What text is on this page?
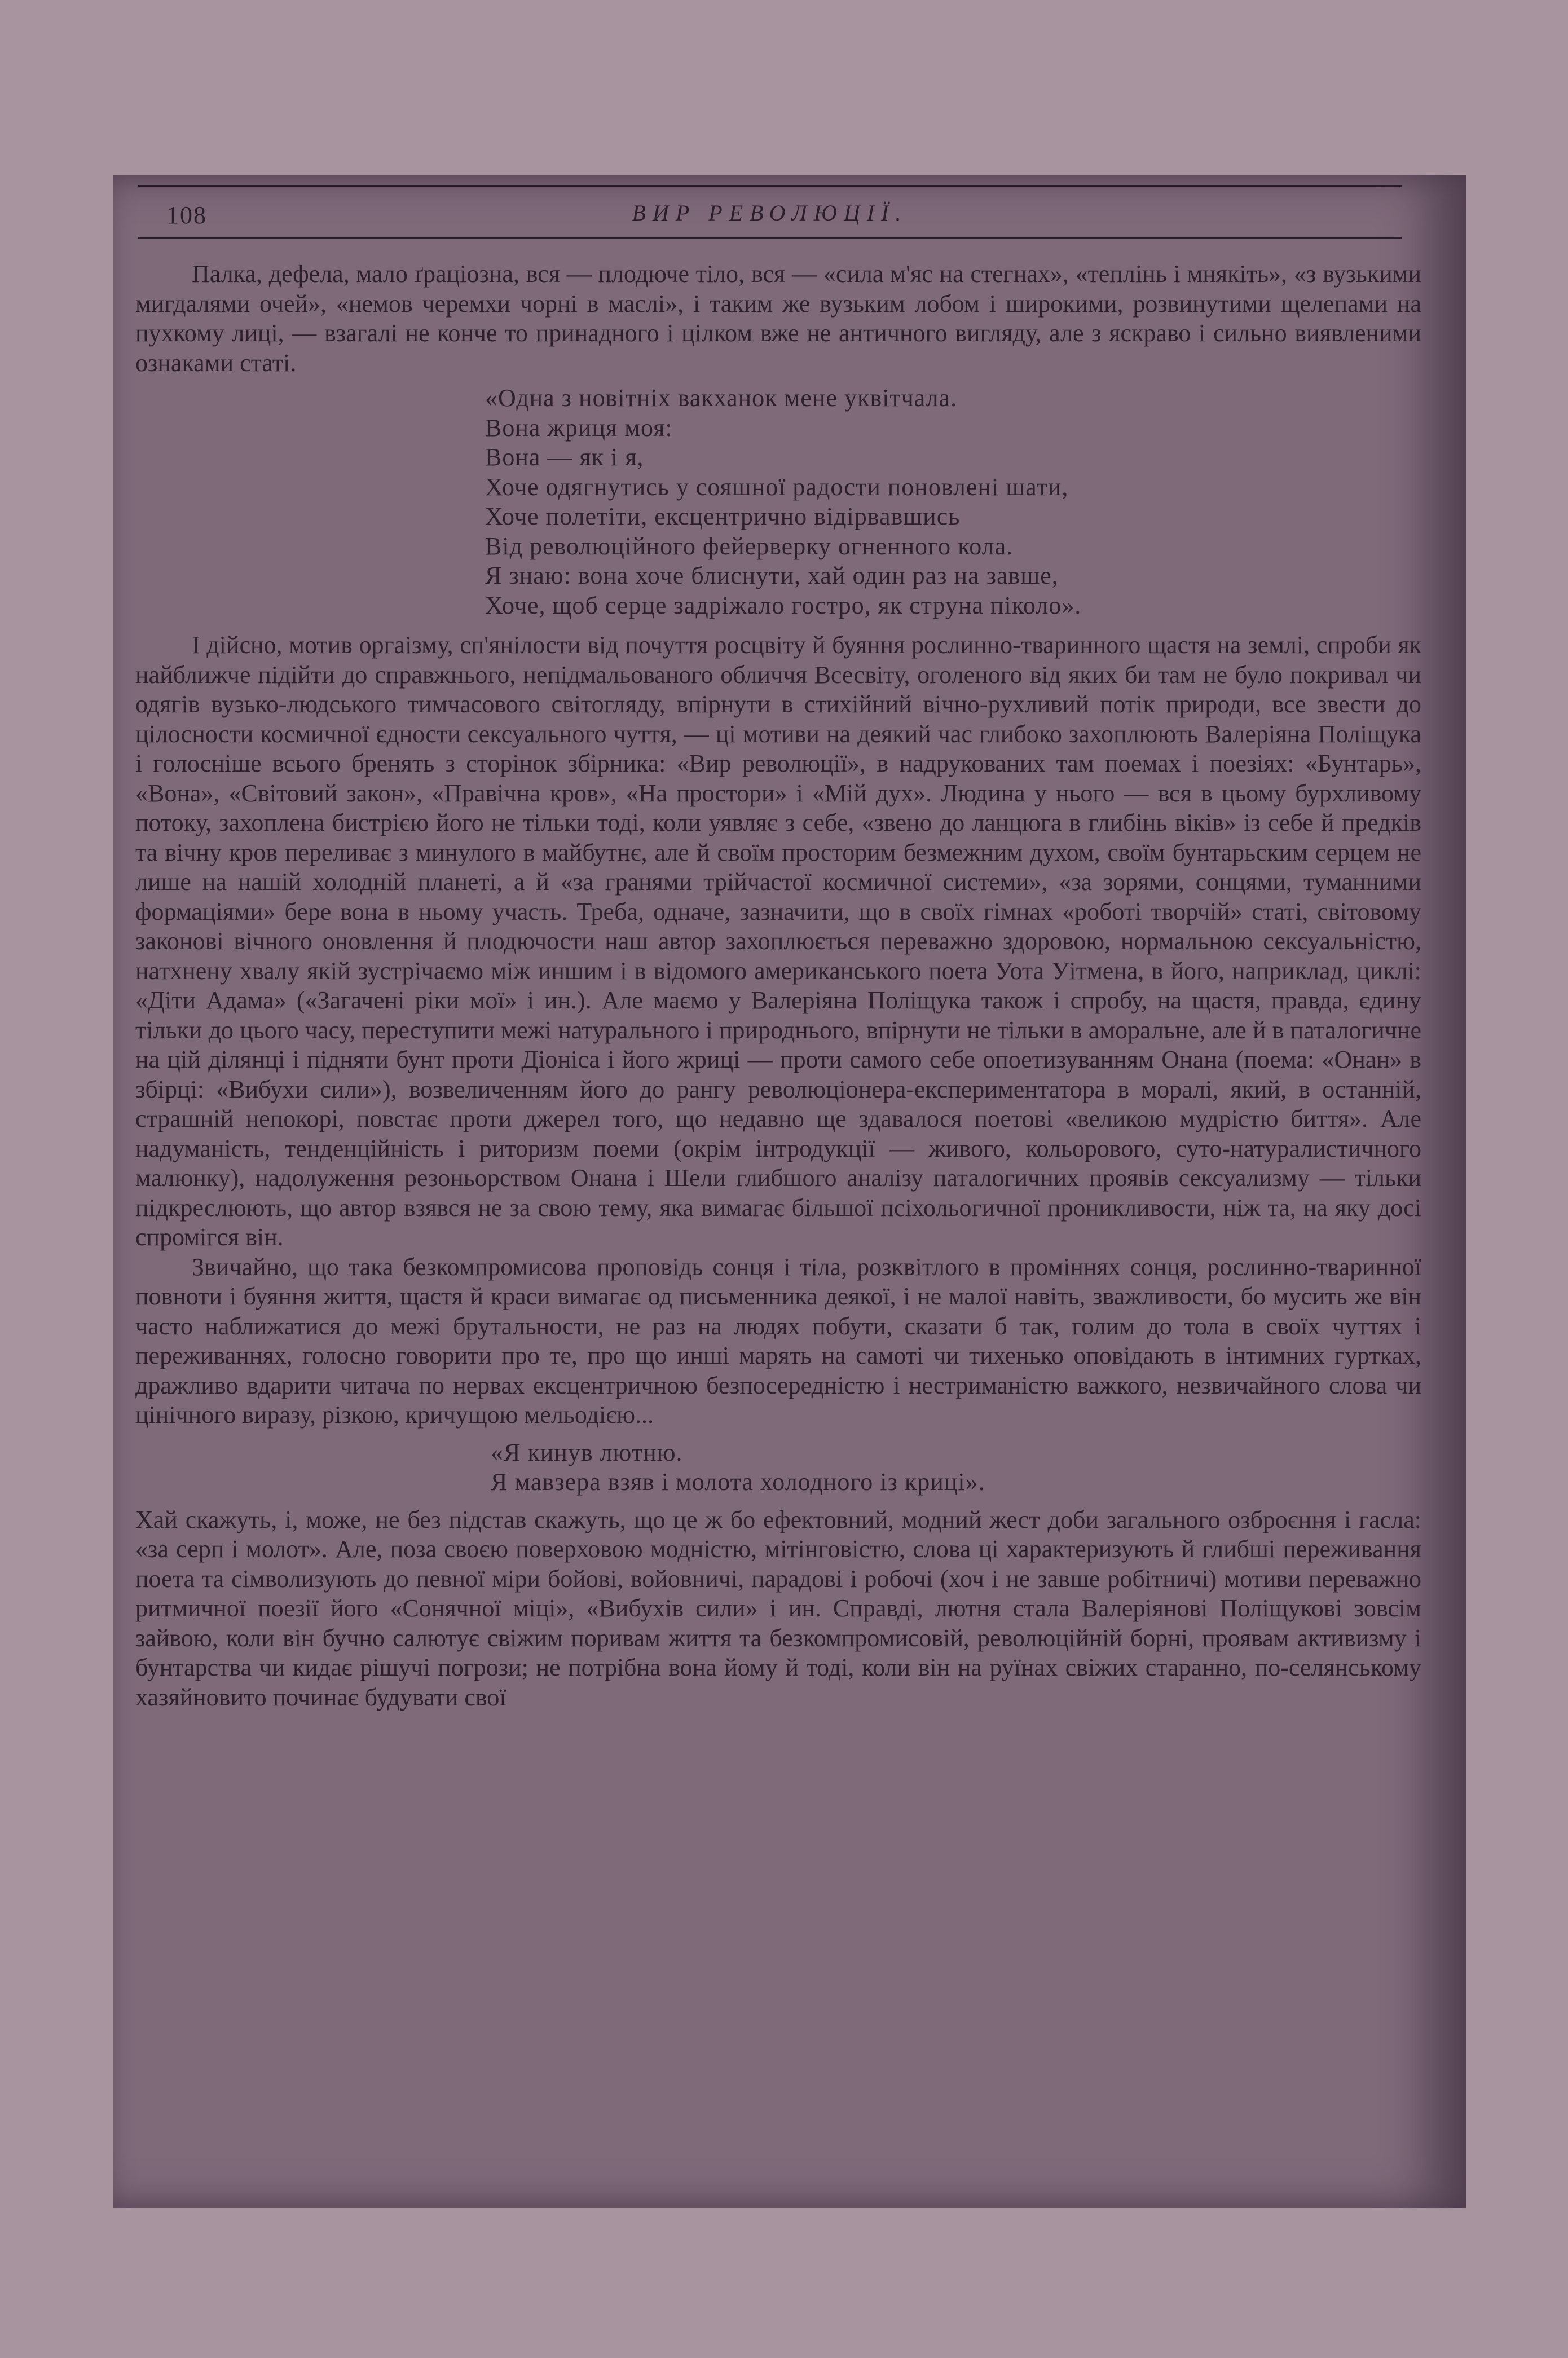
108	ВИР РЕВОЛЮЦІЇ.

Палка, дефела, мало ґраціозна, вся — плодюче тіло, вся — «сила м'яс на стегнах», «теплінь і мнякіть», «з вузькими мигдалями очей», «немов черемхи чорні в маслі», і таким же вузьким лобом і широкими, розвинутими щелепами на пухкому лиці, — взагалі не конче то принадного і цілком вже не античного вигляду, але з яскраво і сильно виявленими ознаками статі.

«Одна з новітніх вакханок мене уквітчала.
Вона жриця моя:
Вона — як і я,
Хоче одягнутись у сояшної радости поновлені шати,
Хоче полетіти, ексцентрично відірвавшись
Від революційного фейерверку огненного кола.
Я знаю: вона хоче блиснути, хай один раз на завше,
Хоче, щоб серце задріжало гостро, як струна піколо».

І дійсно, мотив оргаізму, сп'янілости від почуття росцвіту й буяння рослинно-тваринного щастя на землі, спроби як найближче підійти до справжнього, непідмальованого обличчя Всесвіту, оголеного від яких би там не було покривал чи одягів вузько-людського тимчасового світогляду, впірнути в стихійний вічно-рухливий потік природи, все звести до цілосности космичної єдности сексуального чуття, — ці мотиви на деякий час глибоко захоплюють Валеріяна Поліщука і голосніше всього бренять з сторінок збірника: «Вир революції», в надрукованих там поемах і поезіях: «Бунтарь», «Вона», «Світовий закон», «Правічна кров», «На простори» і «Мій дух». Людина у нього — вся в цьому бурхливому потоку, захоплена бистрією його не тільки тоді, коли уявляє з себе, «звено до ланцюга в глибінь віків» із себе й предків та вічну кров переливає з минулого в майбутнє, але й своїм просторим безмежним духом, своїм бунтарьским серцем не лише на нашій холодній планеті, а й «за гранями трійчастої космичної системи», «за зорями, сонцями, туманними формаціями» бере вона в ньому участь. Треба, одначе, зазначити, що в своїх гімнах «роботі творчій» статі, світовому законові вічного оновлення й плодючости наш автор захоплюється переважно здоровою, нормальною сексуальністю, натхнену хвалу якій зустрічаємо між иншим і в відомого американського поета Уота Уітмена, в його, наприклад, циклі: «Діти Адама» («Загачені ріки мої» і ин.). Але маємо у Валеріяна Поліщука також і спробу, на щастя, правда, єдину тільки до цього часу, переступити межі натурального і природнього, впірнути не тільки в аморальне, але й в паталогичне на цій ділянці і підняти бунт проти Діоніса і його жриці — проти самого себе опоетизуванням Онана (поема: «Онан» в збірці: «Вибухи сили»), возвеличенням його до рангу революціонера-експериментатора в моралі, який, в останній, страшній непокорі, повстає проти джерел того, що недавно ще здавалося поетові «великою мудрістю биття». Але надуманість, тенденційність і риторизм поеми (окрім інтродукції — живого, кольорового, суто-натуралистичного малюнку), надолуження резоньорством Онана і Шели глибшого аналізу паталогичних проявів сексуализму — тільки підкреслюють, що автор взявся не за свою тему, яка вимагає більшої псіхольогичної проникливости, ніж та, на яку досі спромігся він.

Звичайно, що така безкомпромисова проповідь сонця і тіла, розквітлого в проміннях сонця, рослинно-тваринної повноти і буяння життя, щастя й краси вимагає од письменника деякої, і не малої навіть, зважливости, бо мусить же він часто наближатися до межі брутальности, не раз на людях побути, сказати б так, голим до тола в своїх чуттях і переживаннях, голосно говорити про те, про що инші марять на самоті чи тихенько оповідають в інтимних гуртках, дражливо вдарити читача по нервах ексцентричною безпосередністю і нестриманістю важкого, незвичайного слова чи цінічного виразу, різкою, кричущою мельодією...

«Я кинув лютню.
Я мавзера взяв і молота холодного із криці».

Хай скажуть, і, може, не без підстав скажуть, що це ж бо ефектовний, модний жест доби загального озброєння і гасла: «за серп і молот». Але, поза своєю поверховою модністю, мітінговістю, слова ці характеризують й глибші переживання поета та сімволизують до певної міри бойові, войовничі, парадові і робочі (хоч і не завше робітничі) мотиви переважно ритмичної поезії його «Сонячної міці», «Вибухів сили» і ин. Справді, лютня стала Валеріянові Поліщукові зовсім зайвою, коли він бучно салютує свіжим поривам життя та безкомпромисовій, революційній борні, проявам активизму і бунтарства чи кидає рішучі погрози; не потрібна вона йому й тоді, коли він на руїнах свіжих старанно, по-селянському хазяйновито починає будувати свої
